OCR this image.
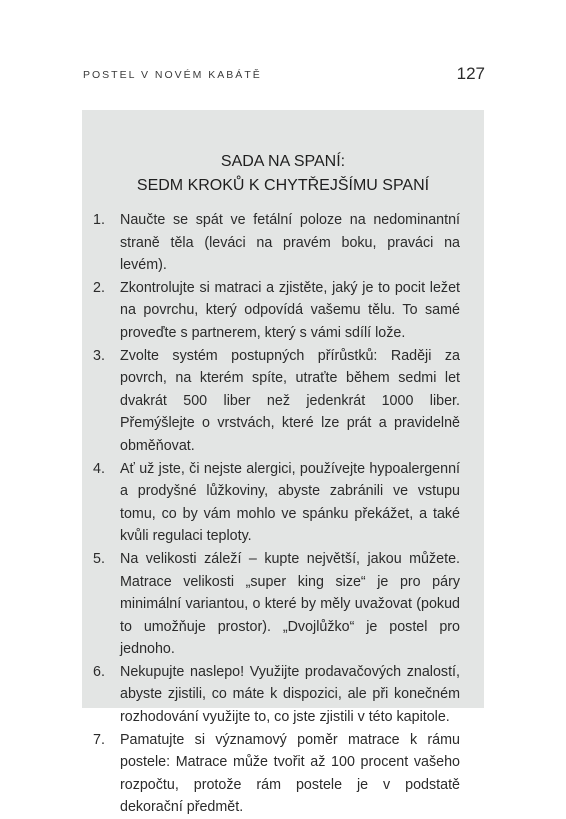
POSTEL V NOVÉM KABÁTĚ	127
SADA NA SPANÍ:
SEDM KROKŮ K CHYTŘEJŠÍMU SPANÍ
1. Naučte se spát ve fetální poloze na nedominantní straně těla (leváci na pravém boku, praváci na levém).
2. Zkontrolujte si matraci a zjistěte, jaký je to pocit ležet na povrchu, který odpovídá vašemu tělu. To samé proveďte s partnerem, který s vámi sdílí lože.
3. Zvolte systém postupných přírůstků: Raději za povrch, na kterém spíte, utraťte během sedmi let dvakrát 500 liber než jedenkrát 1000 liber. Přemýšlejte o vrstvách, které lze prát a pravidelně obměňovat.
4. Ať už jste, či nejste alergici, používejte hypoalergenní a prodyšné lůžkoviny, abyste zabránili ve vstupu tomu, co by vám mohlo ve spánku překážet, a také kvůli regulaci teploty.
5. Na velikosti záleží – kupte největší, jakou můžete. Matrace velikosti „super king size“ je pro páry minimální variantou, o které by měly uvažovat (pokud to umožňuje prostor). „Dvojlůžko“ je postel pro jednoho.
6. Nekupujte naslepo! Využijte prodavačových znalostí, abyste zjistili, co máte k dispozici, ale při konečném rozhodování využijte to, co jste zjistili v této kapitole.
7. Pamatujte si významový poměr matrace k rámu postele: Matrace může tvořit až 100 procent vašeho rozpočtu, protože rám postele je v podstatě dekorační předmět.
